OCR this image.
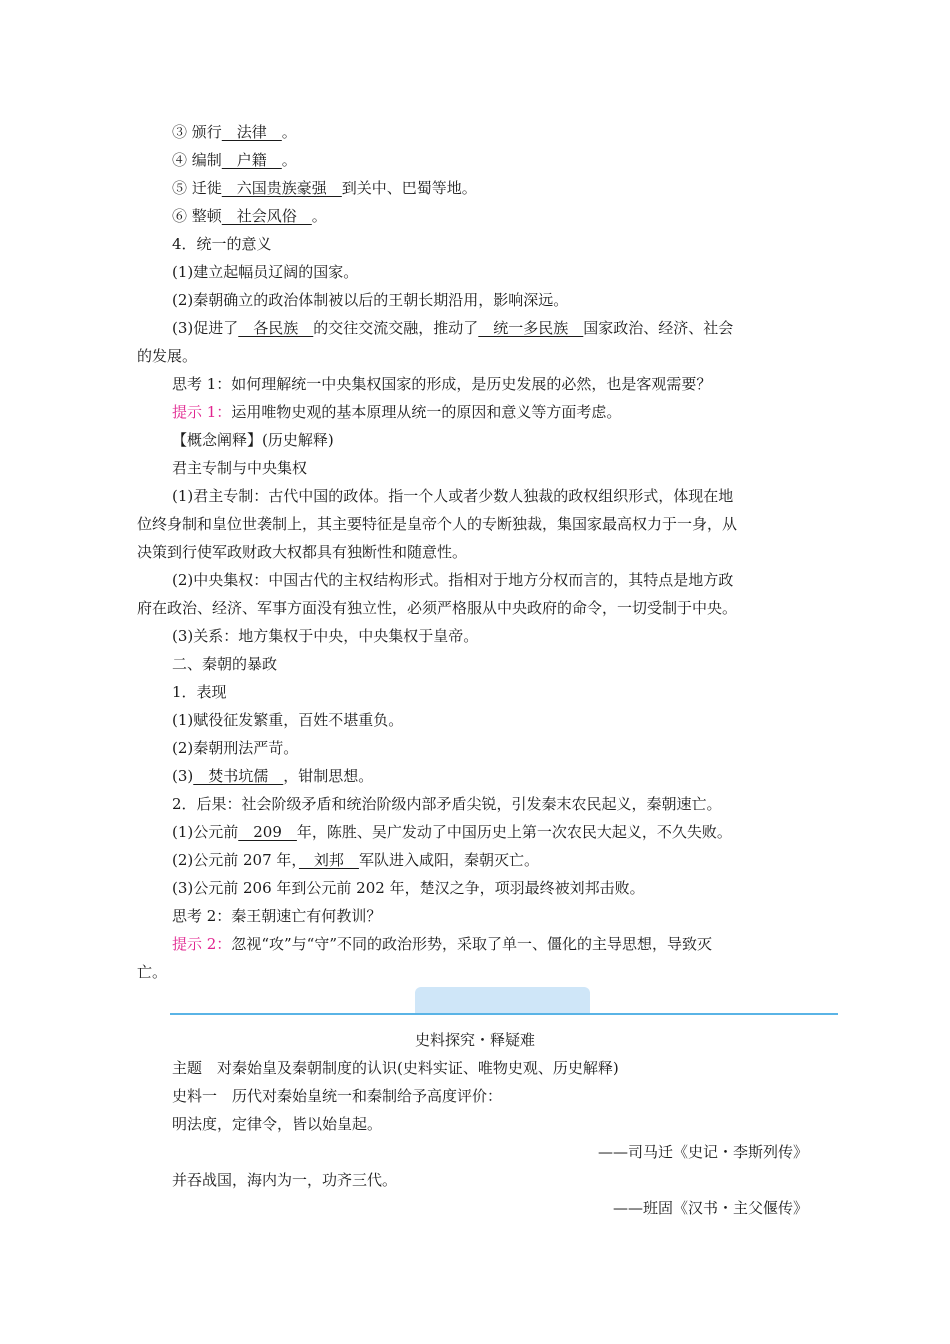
③ 颁行　法律　。
④ 编制　户籍　。
⑤ 迁徙　六国贵族豪强　到关中、巴蜀等地。
⑥ 整顿　社会风俗　。
4．统一的意义
(1)建立起幅员辽阔的国家。
(2)秦朝确立的政治体制被以后的王朝长期沿用，影响深远。
(3)促进了　各民族　的交往交流交融，推动了　统一多民族　国家政治、经济、社会
的发展。
思考 1：如何理解统一中央集权国家的形成，是历史发展的必然，也是客观需要？
提示 1：运用唯物史观的基本原理从统一的原因和意义等方面考虑。
【概念阐释】(历史解释)
君主专制与中央集权
(1)君主专制：古代中国的政体。指一个人或者少数人独裁的政权组织形式，体现在地
位终身制和皇位世袭制上，其主要特征是皇帝个人的专断独裁，集国家最高权力于一身，从
决策到行使军政财政大权都具有独断性和随意性。
(2)中央集权：中国古代的主权结构形式。指相对于地方分权而言的，其特点是地方政
府在政治、经济、军事方面没有独立性，必须严格服从中央政府的命令，一切受制于中央。
(3)关系：地方集权于中央，中央集权于皇帝。
二、秦朝的暴政
1．表现
(1)赋役征发繁重，百姓不堪重负。
(2)秦朝刑法严苛。
(3)　焚书坑儒　，钳制思想。
2．后果：社会阶级矛盾和统治阶级内部矛盾尖锐，引发秦末农民起义，秦朝速亡。
(1)公元前　209　年，陈胜、吴广发动了中国历史上第一次农民大起义，不久失败。
(2)公元前 207 年，　刘邦　军队进入咸阳，秦朝灭亡。
(3)公元前 206 年到公元前 202 年，楚汉之争，项羽最终被刘邦击败。
思考 2：秦王朝速亡有何教训？
提示 2：忽视“攻”与“守”不同的政治形势，采取了单一、僵化的主导思想，导致灭
亡。
史料探究・释疑难
主题　对秦始皇及秦朝制度的认识(史料实证、唯物史观、历史解释)
史料一　历代对秦始皇统一和秦制给予高度评价：
明法度，定律令，皆以始皇起。
——司马迁《史记・李斯列传》
并吞战国，海内为一，功齐三代。
——班固《汉书・主父偃传》
